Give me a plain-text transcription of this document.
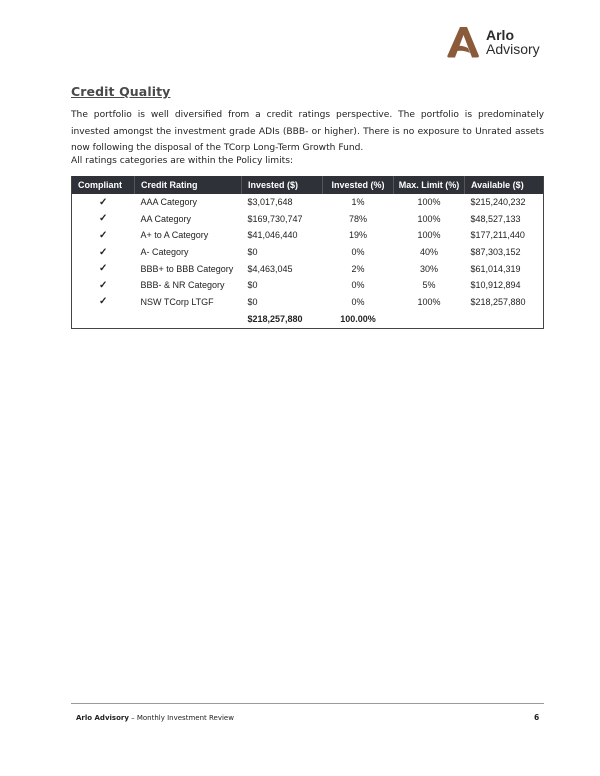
Arlo
Advisory
Credit Quality
The portfolio is well diversified from a credit ratings perspective. The portfolio is predominately invested amongst the investment grade ADIs (BBB- or higher). There is no exposure to Unrated assets now following the disposal of the TCorp Long-Term Growth Fund.
All ratings categories are within the Policy limits:
Compliant	Credit Rating	Invested ($)	Invested (%)	Max. Limit (%)	Available ($)
✓	AAA Category	$3,017,648	1%	100%	$215,240,232
✓	AA Category	$169,730,747	78%	100%	$48,527,133
✓	A+ to A Category	$41,046,440	19%	100%	$177,211,440
✓	A- Category	$0	0%	40%	$87,303,152
✓	BBB+ to BBB Category	$4,463,045	2%	30%	$61,014,319
✓	BBB- & NR Category	$0	0%	5%	$10,912,894
✓	NSW TCorp LTGF	$0	0%	100%	$218,257,880
		$218,257,880	100.00%		
Arlo Advisory – Monthly Investment Review	6
